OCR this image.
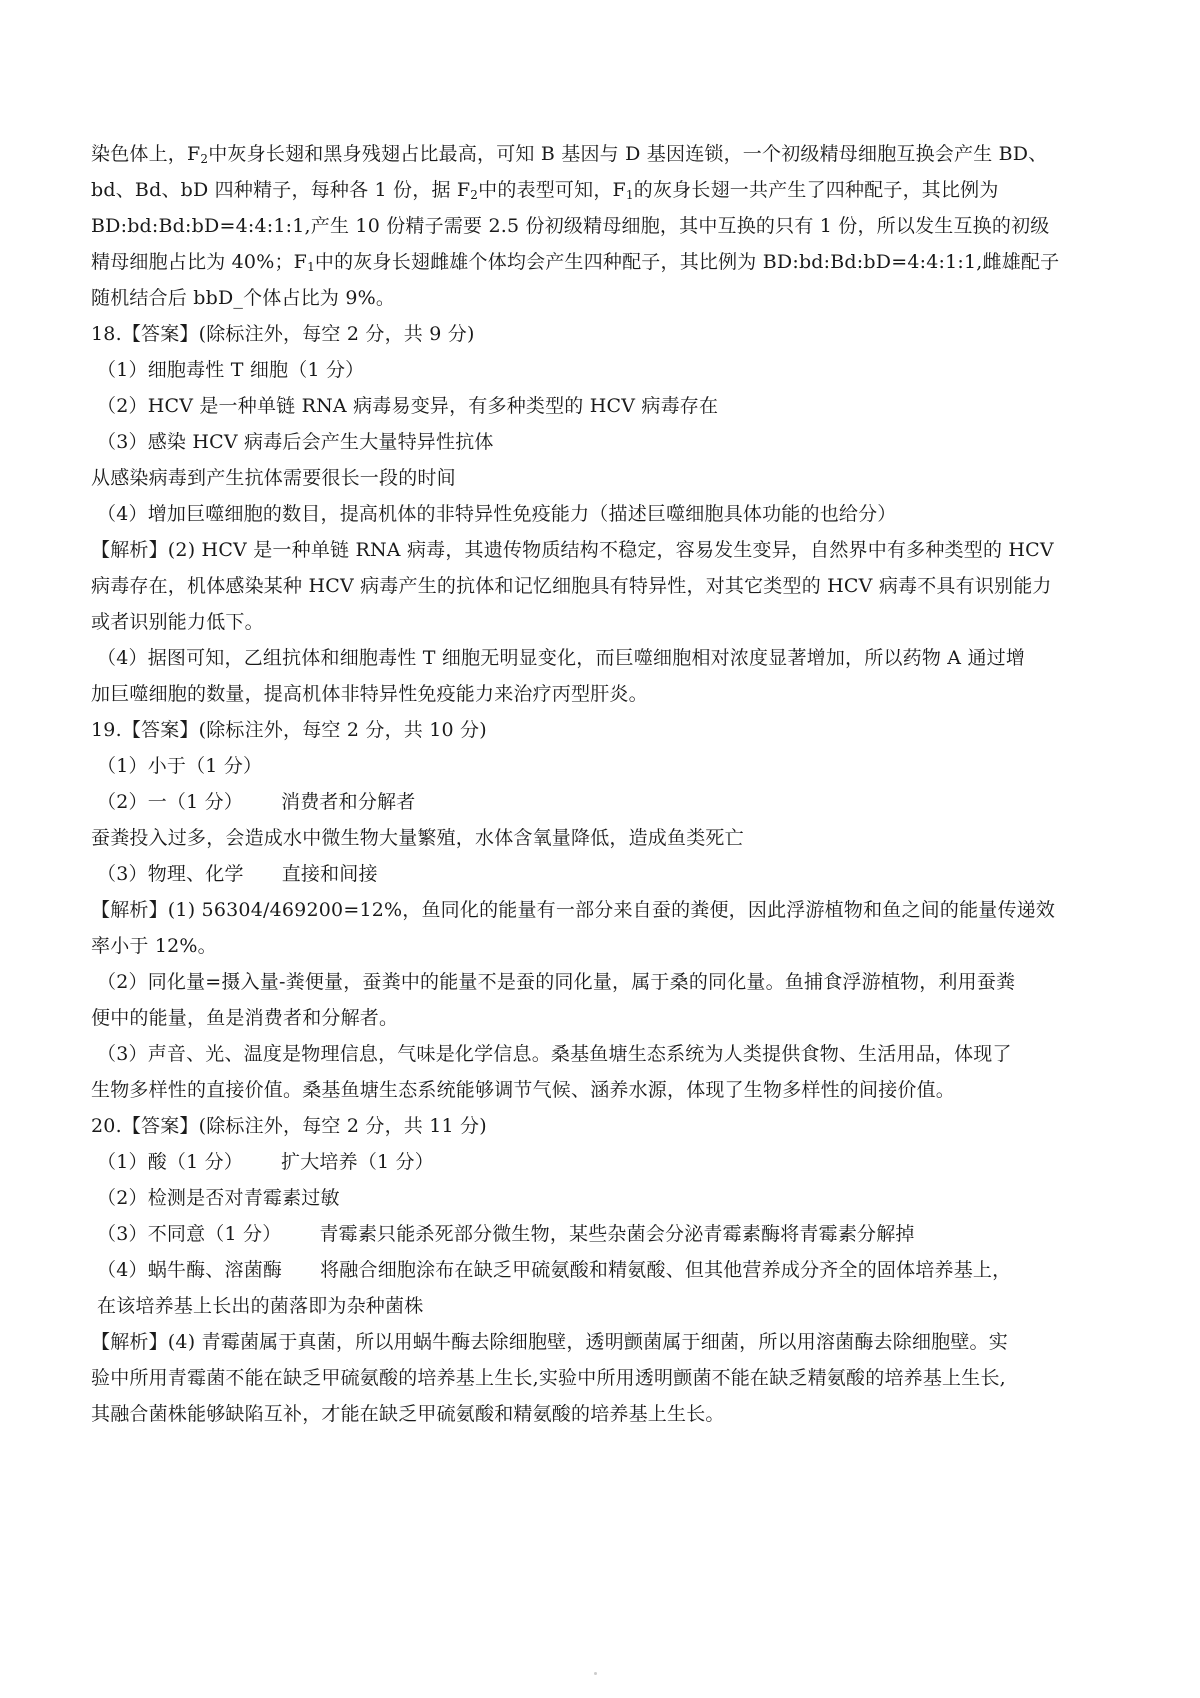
染色体上，$F_2$中灰身长翅和黑身残翅占比最高，可知 B 基因与 D 基因连锁，一个初级精母细胞互换会产生 BD、
bd、Bd、bD 四种精子，每种各 1 份，据 $F_2$中的表型可知，$F_1$的灰身长翅一共产生了四种配子，其比例为
BD:bd:Bd:bD=4:4:1:1,产生 10 份精子需要 2.5 份初级精母细胞，其中互换的只有 1 份，所以发生互换的初级
精母细胞占比为 40%；$F_1$中的灰身长翅雌雄个体均会产生四种配子，其比例为 BD:bd:Bd:bD=4:4:1:1,雌雄配子
随机结合后 bbD_个体占比为 9%。
18.【答案】(除标注外，每空 2 分，共 9 分)
（1）细胞毒性 T 细胞（1 分）
（2）HCV 是一种单链 RNA 病毒易变异，有多种类型的 HCV 病毒存在
（3）感染 HCV 病毒后会产生大量特异性抗体
从感染病毒到产生抗体需要很长一段的时间
（4）增加巨噬细胞的数目，提高机体的非特异性免疫能力（描述巨噬细胞具体功能的也给分）
【解析】(2) HCV 是一种单链 RNA 病毒，其遗传物质结构不稳定，容易发生变异，自然界中有多种类型的 HCV
病毒存在，机体感染某种 HCV 病毒产生的抗体和记忆细胞具有特异性，对其它类型的 HCV 病毒不具有识别能力
或者识别能力低下。
（4）据图可知，乙组抗体和细胞毒性 T 细胞无明显变化，而巨噬细胞相对浓度显著增加，所以药物 A 通过增
加巨噬细胞的数量，提高机体非特异性免疫能力来治疗丙型肝炎。
19.【答案】(除标注外，每空 2 分，共 10 分)
（1）小于（1 分）
（2）一（1 分） 消费者和分解者
蚕粪投入过多，会造成水中微生物大量繁殖，水体含氧量降低，造成鱼类死亡
（3）物理、化学 直接和间接
【解析】(1) 56304/469200=12%，鱼同化的能量有一部分来自蚕的粪便，因此浮游植物和鱼之间的能量传递效
率小于 12%。
（2）同化量=摄入量-粪便量，蚕粪中的能量不是蚕的同化量，属于桑的同化量。鱼捕食浮游植物，利用蚕粪
便中的能量，鱼是消费者和分解者。
（3）声音、光、温度是物理信息，气味是化学信息。桑基鱼塘生态系统为人类提供食物、生活用品，体现了
生物多样性的直接价值。桑基鱼塘生态系统能够调节气候、涵养水源，体现了生物多样性的间接价值。
20.【答案】(除标注外，每空 2 分，共 11 分)
（1）酸（1 分） 扩大培养（1 分）
（2）检测是否对青霉素过敏
（3）不同意（1 分） 青霉素只能杀死部分微生物，某些杂菌会分泌青霉素酶将青霉素分解掉
（4）蜗牛酶、溶菌酶 将融合细胞涂布在缺乏甲硫氨酸和精氨酸、但其他营养成分齐全的固体培养基上，
在该培养基上长出的菌落即为杂种菌株
【解析】(4) 青霉菌属于真菌，所以用蜗牛酶去除细胞壁，透明颤菌属于细菌，所以用溶菌酶去除细胞壁。实
验中所用青霉菌不能在缺乏甲硫氨酸的培养基上生长,实验中所用透明颤菌不能在缺乏精氨酸的培养基上生长,
其融合菌株能够缺陷互补，才能在缺乏甲硫氨酸和精氨酸的培养基上生长。
